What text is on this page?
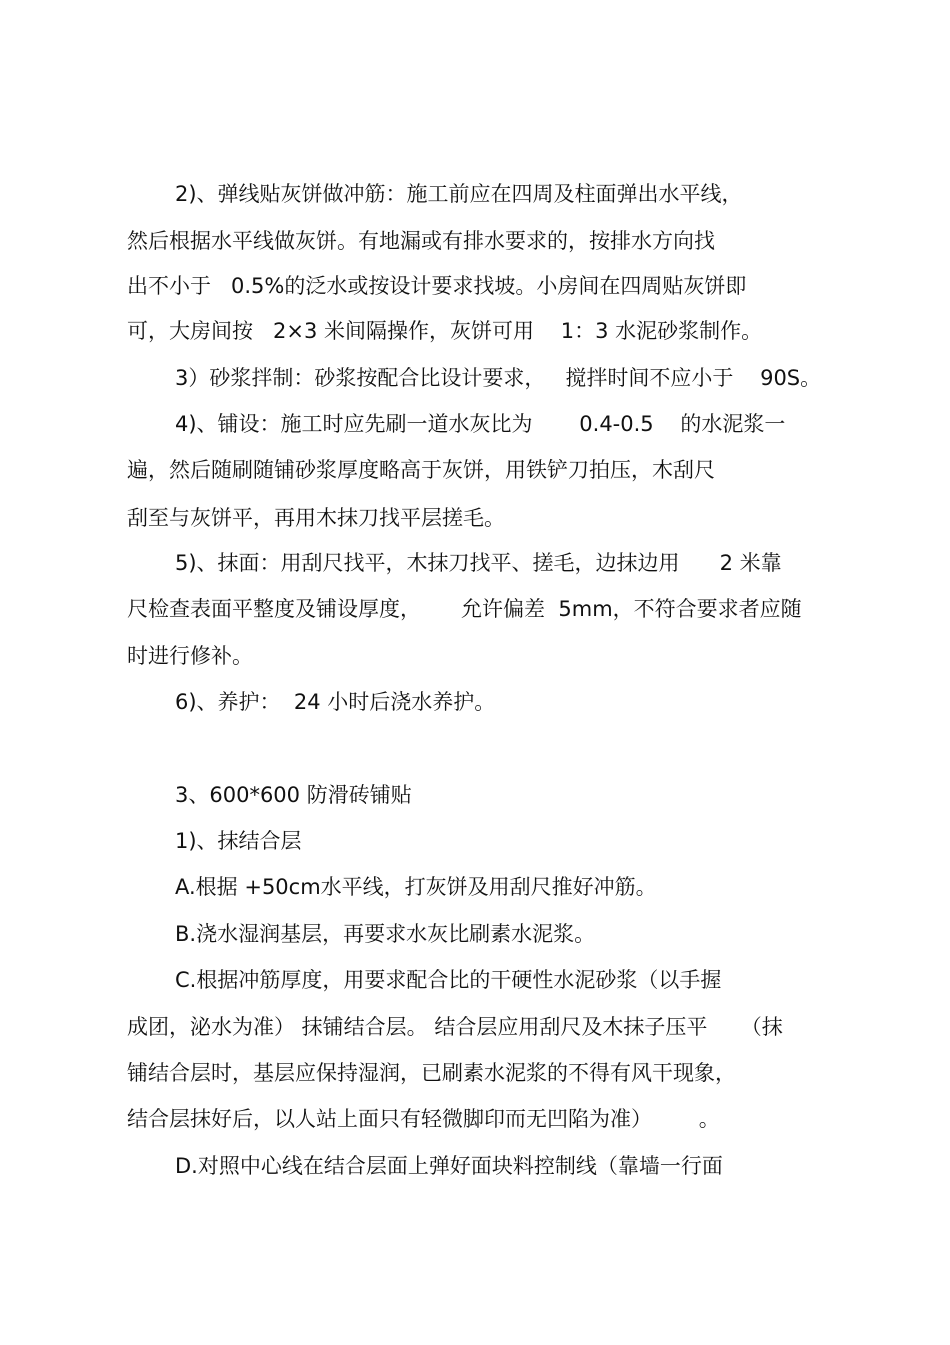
2)、弹线贴灰饼做冲筋：施工前应在四周及柱面弹出水平线，
然后根据水平线做灰饼。有地漏或有排水要求的，按排水方向找
出不小于   0.5%的泛水或按设计要求找坡。小房间在四周贴灰饼即
可，大房间按   2×3 米间隔操作，灰饼可用    1：3 水泥砂浆制作。
3）砂浆拌制：砂浆按配合比设计要求，   搅拌时间不应小于    90S。
4)、铺设：施工时应先刷一道水灰比为       0.4-0.5    的水泥浆一
遍，然后随刷随铺砂浆厚度略高于灰饼，用铁铲刀拍压，木刮尺
刮至与灰饼平，再用木抹刀找平层搓毛。
5)、抹面：用刮尺找平，木抹刀找平、搓毛，边抹边用      2 米靠
尺检查表面平整度及铺设厚度，      允许偏差  5mm，不符合要求者应随
时进行修补。
6)、养护：  24 小时后浇水养护。
3、600*600 防滑砖铺贴
1)、抹结合层
A.根据 +50cm水平线，打灰饼及用刮尺推好冲筋。
B.浇水湿润基层，再要求水灰比刷素水泥浆。
C.根据冲筋厚度，用要求配合比的干硬性水泥砂浆（以手握
成团，泌水为准） 抹铺结合层。 结合层应用刮尺及木抹子压平     （抹
铺结合层时，基层应保持湿润，已刷素水泥浆的不得有风干现象，
结合层抹好后，以人站上面只有轻微脚印而无凹陷为准）       。
D.对照中心线在结合层面上弹好面块料控制线（靠墙一行面
